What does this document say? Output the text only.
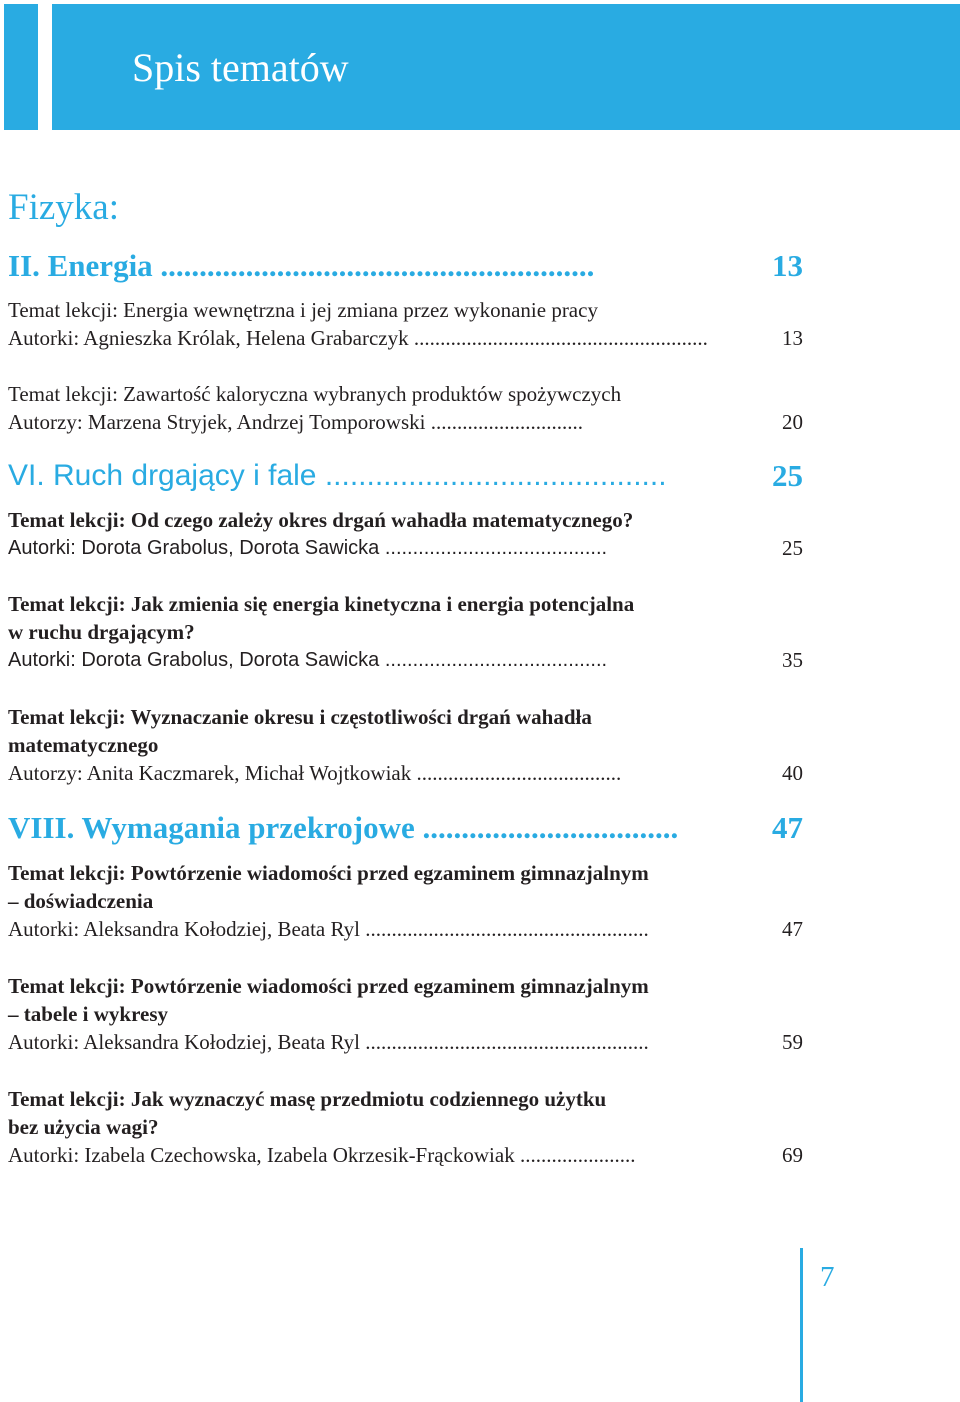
Spis tematów
Fizyka:
II. Energia ........................................................	13
Temat lekcji: Energia wewnętrzna i jej zmiana przez wykonanie pracy
Autorki: Agnieszka Królak, Helena Grabarczyk ........................................................	13
Temat lekcji: Zawartość kaloryczna wybranych produktów spożywczych
Autorzy: Marzena Stryjek, Andrzej Tomporowski .............................	20
VI. Ruch drgający i fale .........................................	25
Temat lekcji: Od czego zależy okres drgań wahadła matematycznego?
Autorki: Dorota Grabolus, Dorota Sawicka ........................................	25
Temat lekcji: Jak zmienia się energia kinetyczna i energia potencjalna
w ruchu drgającym?
Autorki: Dorota Grabolus, Dorota Sawicka ........................................	35
Temat lekcji: Wyznaczanie okresu i częstotliwości drgań wahadła
matematycznego
Autorzy: Anita Kaczmarek, Michał Wojtkowiak .......................................	40
VIII. Wymagania przekrojowe .................................	47
Temat lekcji: Powtórzenie wiadomości przed egzaminem gimnazjalnym
– doświadczenia
Autorki: Aleksandra Kołodziej, Beata Ryl ......................................................	47
Temat lekcji: Powtórzenie wiadomości przed egzaminem gimnazjalnym
– tabele i wykresy
Autorki: Aleksandra Kołodziej, Beata Ryl ......................................................	59
Temat lekcji: Jak wyznaczyć masę przedmiotu codziennego użytku
bez użycia wagi?
Autorki: Izabela Czechowska, Izabela Okrzesik-Frąckowiak ......................	69
7
